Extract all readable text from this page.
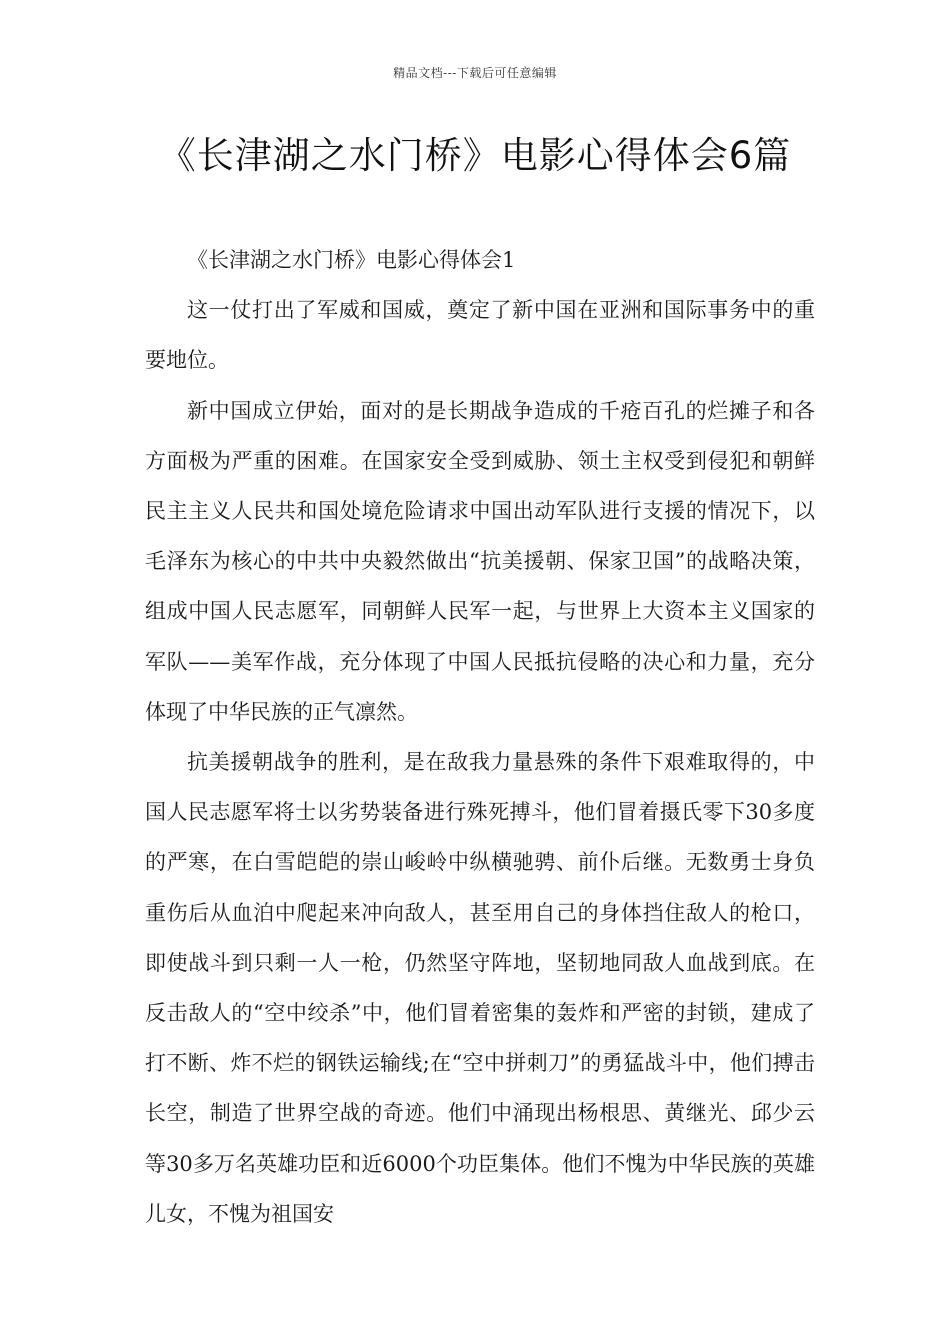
精品文档---下载后可任意编辑
《长津湖之水门桥》电影心得体会6篇

《长津湖之水门桥》电影心得体会1

这一仗打出了军威和国威，奠定了新中国在亚洲和国际事务中的重要地位。

新中国成立伊始，面对的是长期战争造成的千疮百孔的烂摊子和各方面极为严重的困难。在国家安全受到威胁、领土主权受到侵犯和朝鲜民主主义人民共和国处境危险请求中国出动军队进行支援的情况下，以毛泽东为核心的中共中央毅然做出“抗美援朝、保家卫国”的战略决策，组成中国人民志愿军，同朝鲜人民军一起，与世界上大资本主义国家的军队——美军作战，充分体现了中国人民抵抗侵略的决心和力量，充分体现了中华民族的正气凛然。

抗美援朝战争的胜利，是在敌我力量悬殊的条件下艰难取得的，中国人民志愿军将士以劣势装备进行殊死搏斗，他们冒着摄氏零下30多度的严寒，在白雪皑皑的崇山峻岭中纵横驰骋、前仆后继。无数勇士身负重伤后从血泊中爬起来冲向敌人，甚至用自己的身体挡住敌人的枪口，即使战斗到只剩一人一枪，仍然坚守阵地，坚韧地同敌人血战到底。在反击敌人的“空中绞杀”中，他们冒着密集的轰炸和严密的封锁，建成了打不断、炸不烂的钢铁运输线;在“空中拼刺刀”的勇猛战斗中，他们搏击长空，制造了世界空战的奇迹。他们中涌现出杨根思、黄继光、邱少云等30多万名英雄功臣和近6000个功臣集体。他们不愧为中华民族的英雄儿女，不愧为祖国安
